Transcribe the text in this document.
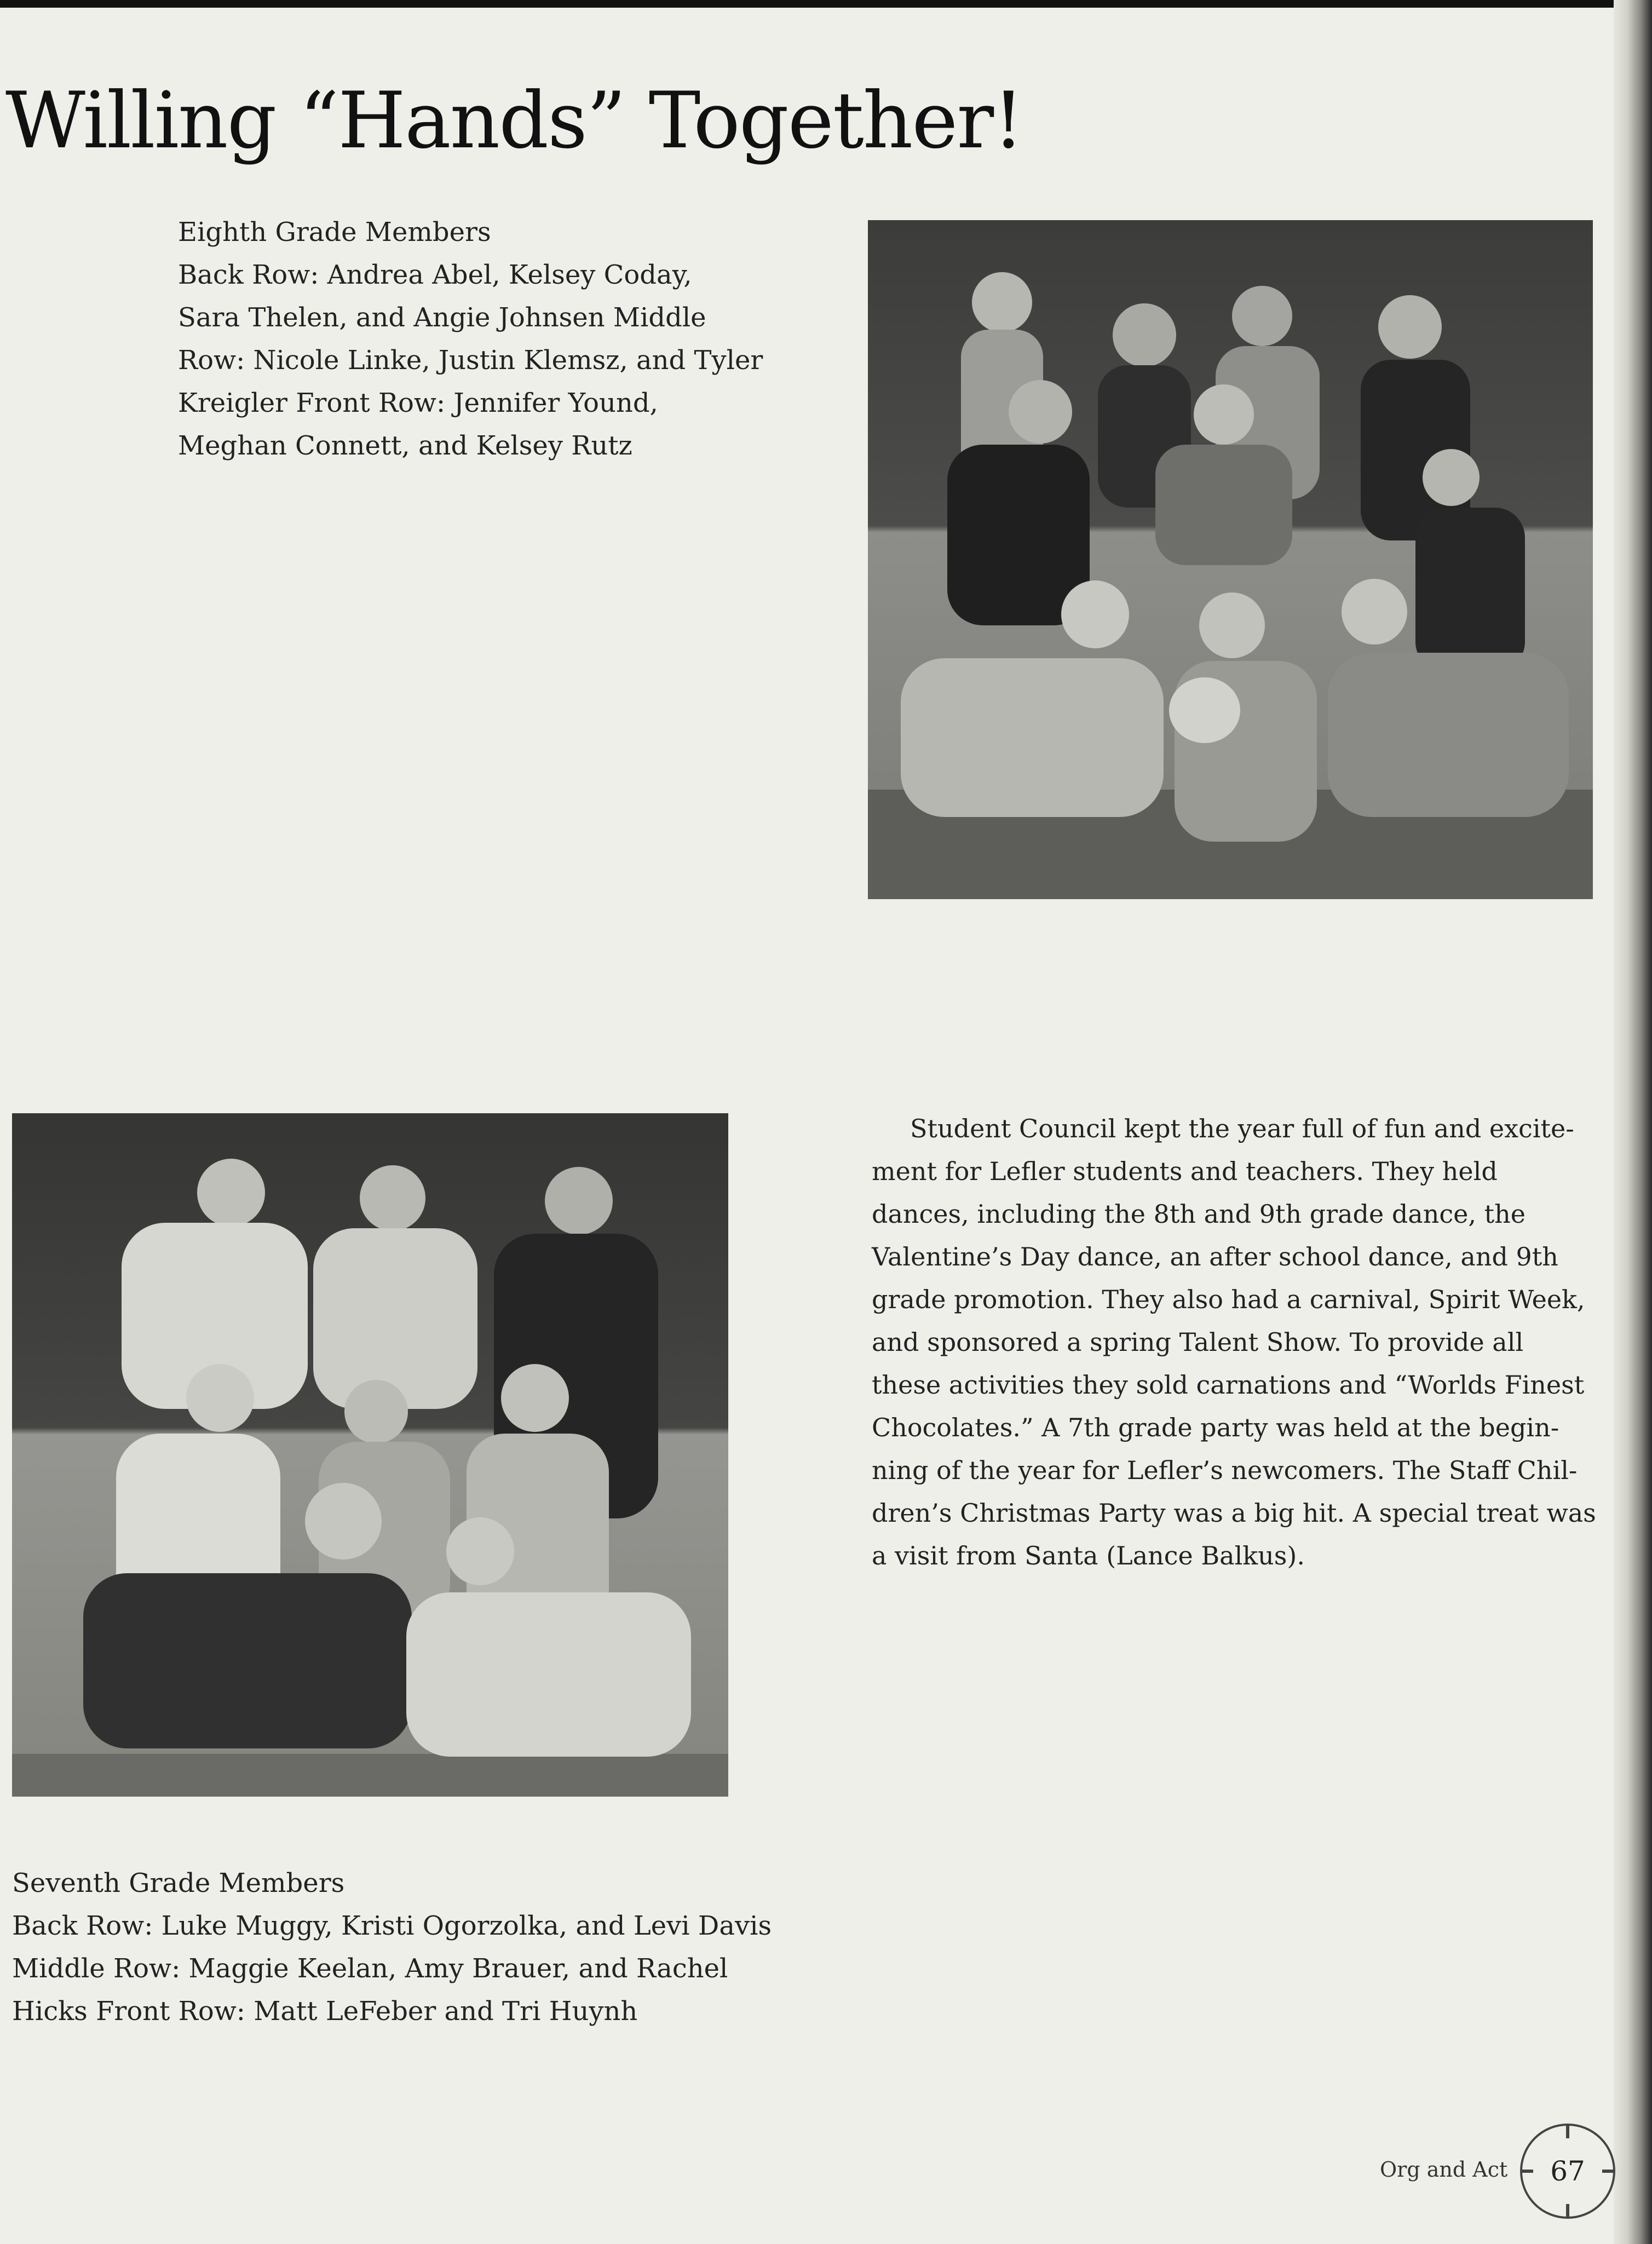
Willing “Hands” Together!
Eighth Grade Members
Back Row: Andrea Abel, Kelsey Coday,
Sara Thelen, and Angie Johnsen Middle
Row: Nicole Linke, Justin Klemsz, and Tyler
Kreigler Front Row: Jennifer Yound,
Meghan Connett, and Kelsey Rutz
Student Council kept the year full of fun and excite-
ment for Lefler students and teachers. They held
dances, including the 8th and 9th grade dance, the
Valentine’s Day dance, an after school dance, and 9th
grade promotion. They also had a carnival, Spirit Week,
and sponsored a spring Talent Show. To provide all
these activities they sold carnations and “Worlds Finest
Chocolates.” A 7th grade party was held at the begin-
ning of the year for Lefler’s newcomers. The Staff Chil-
dren’s Christmas Party was a big hit. A special treat was
a visit from Santa (Lance Balkus).
Seventh Grade Members
Back Row: Luke Muggy, Kristi Ogorzolka, and Levi Davis
Middle Row: Maggie Keelan, Amy Brauer, and Rachel
Hicks Front Row: Matt LeFeber and Tri Huynh
Org and Act	67
